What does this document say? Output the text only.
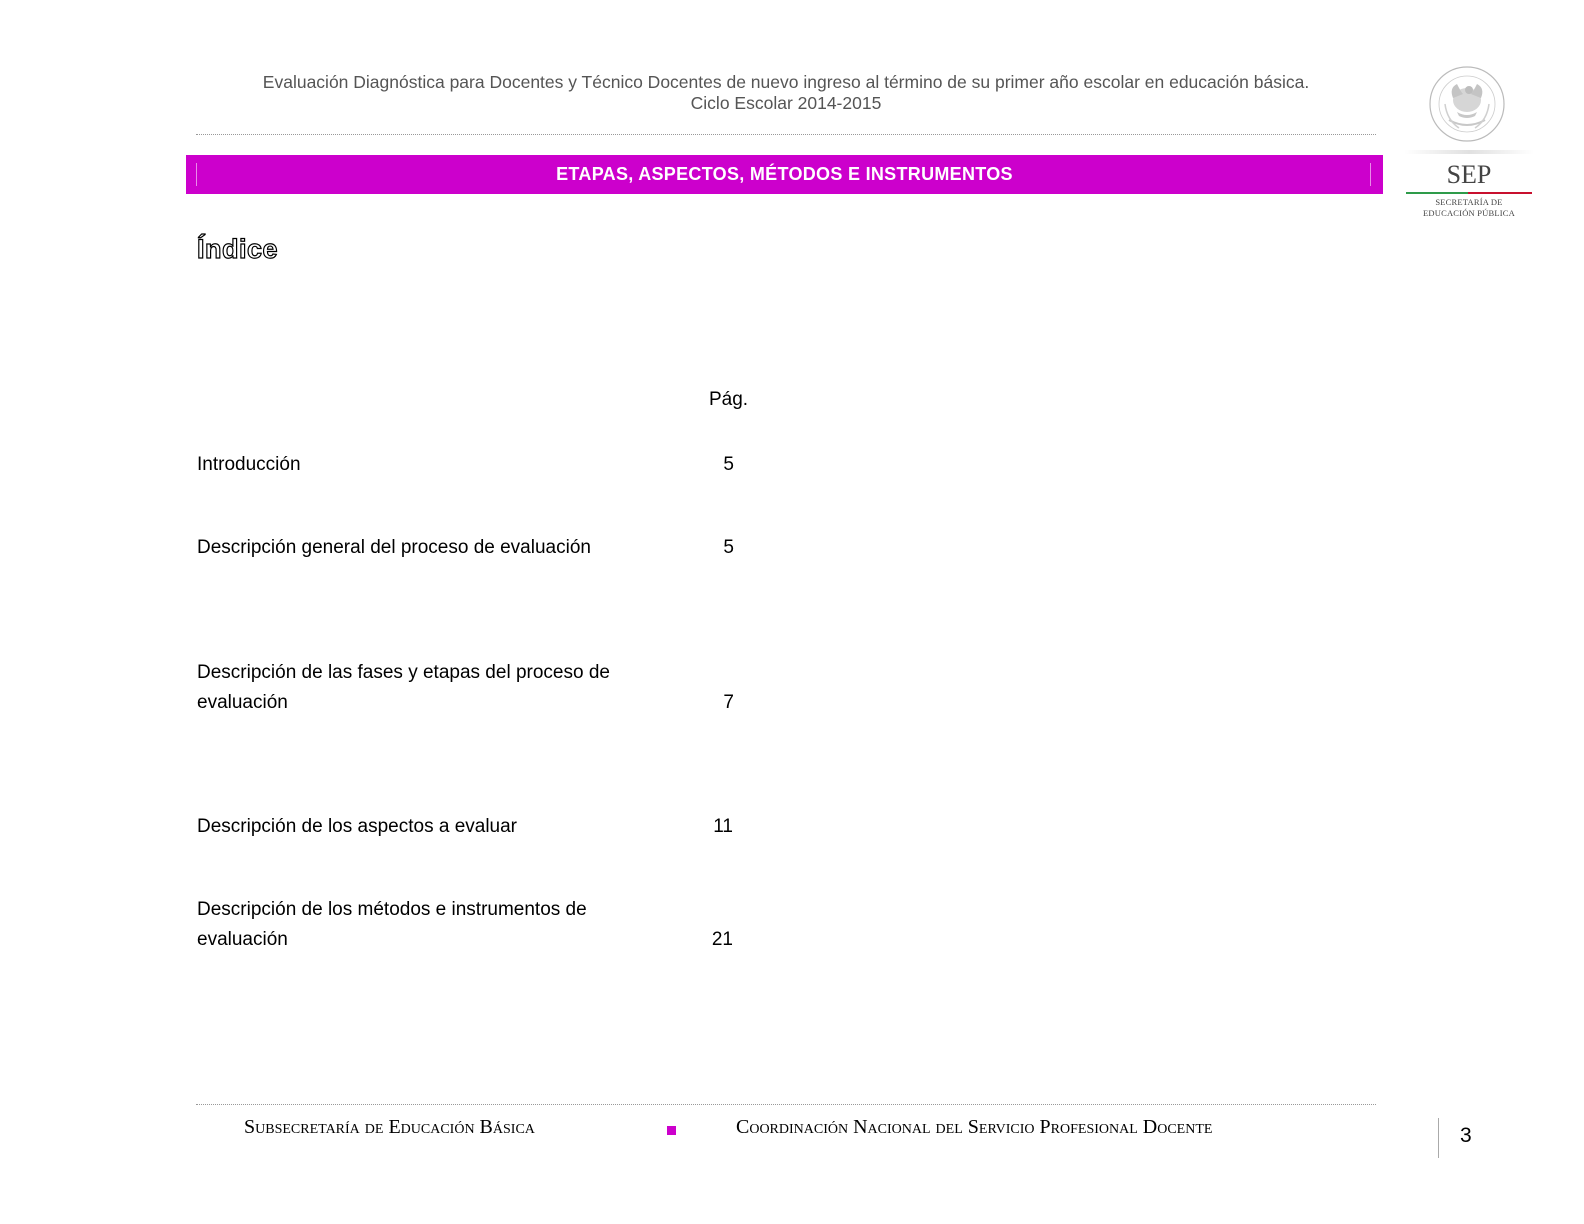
Evaluación Diagnóstica para Docentes y Técnico Docentes de nuevo ingreso al término de su primer año escolar en educación básica.
Ciclo Escolar 2014-2015
SEP
SECRETARÍA DE
EDUCACIÓN PÚBLICA
ETAPAS, ASPECTOS, MÉTODOS E INSTRUMENTOS
Índice
Pág.
Introducción	5
Descripción general del proceso de evaluación	5
Descripción de las fases y etapas del proceso de evaluación	7
Descripción de los aspectos a evaluar	11
Descripción de los métodos e instrumentos de evaluación	21
Subsecretaría de Educación Básica	Coordinación Nacional del Servicio Profesional Docente	3
